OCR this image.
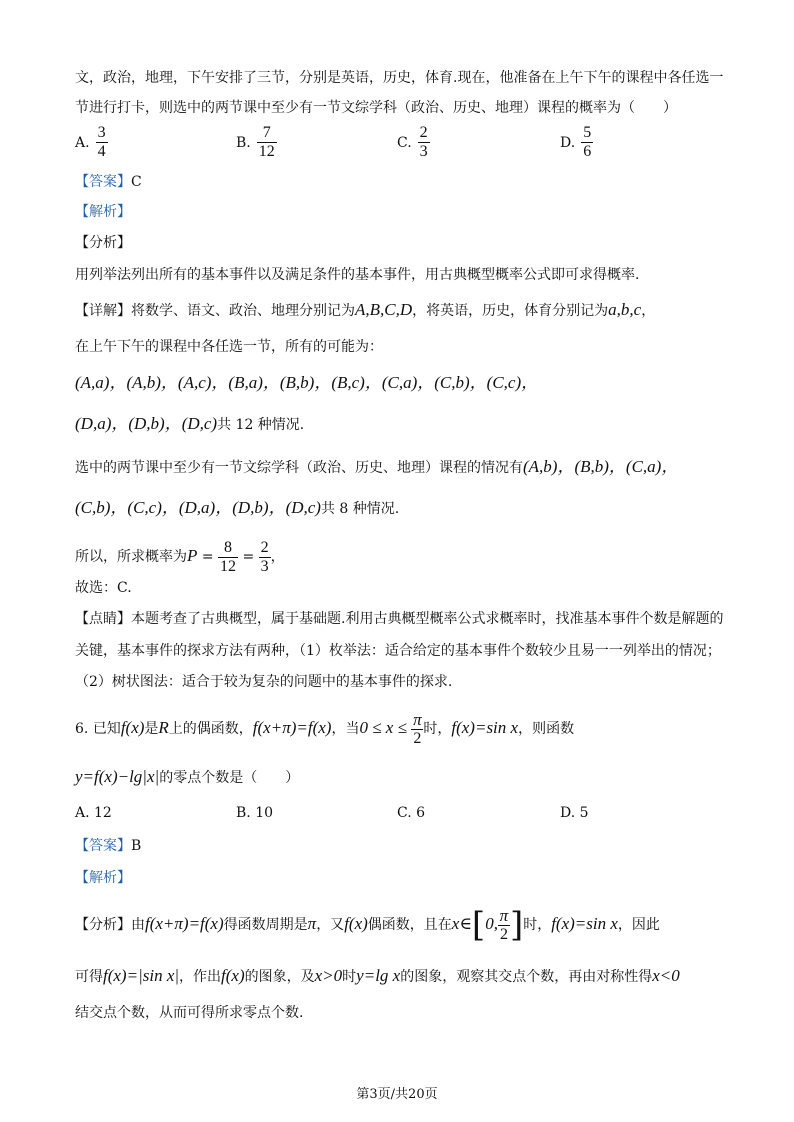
文，政治，地理，下午安排了三节，分别是英语，历史，体育.现在，他准备在上午下午的课程中各任选一
节进行打卡，则选中的两节课中至少有一节文综学科（政治、历史、地理）课程的概率为（　　）
A. $\frac{3}{4}$	B. $\frac{7}{12}$	C. $\frac{2}{3}$	D. $\frac{5}{6}$
【答案】C
【解析】
【分析】
用列举法列出所有的基本事件以及满足条件的基本事件，用古典概型概率公式即可求得概率.
【详解】将数学、语文、政治、地理分别记为A,B,C,D，将英语，历史，体育分别记为a,b,c，
在上午下午的课程中各任选一节，所有的可能为：
(A,a)，(A,b)，(A,c)，(B,a)，(B,b)，(B,c)，(C,a)，(C,b)，(C,c)，
(D,a)，(D,b)，(D,c)共 12 种情况.
选中的两节课中至少有一节文综学科（政治、历史、地理）课程的情况有(A,b)，(B,b)，(C,a)，
(C,b)，(C,c)，(D,a)，(D,b)，(D,c)共 8 种情况.
所以，所求概率为$P = \frac{8}{12} = \frac{2}{3}$ ，
故选：C.
【点睛】本题考查了古典概型，属于基础题.利用古典概型概率公式求概率时，找准基本事件个数是解题的
关键，基本事件的探求方法有两种，（1）枚举法：适合给定的基本事件个数较少且易一一列举出的情况；
（2）树状图法：适合于较为复杂的问题中的基本事件的探求.
6. 已知f(x)是R上的偶函数，f(x+π)=f(x)，当$0 \le x \le \frac{\pi}{2}$ 时，f(x)=sin x，则函数
y=f(x)−lg|x|的零点个数是（　　）
A. 12	B. 10	C. 6	D. 5
【答案】B
【解析】
【分析】由f(x+π)=f(x)得函数周期是π，又f(x)偶函数，且在x∈[0, $\frac{\pi}{2}$ ]时，f(x)=sin x，因此
可得f(x)=|sin x|，作出f(x)的图象，及x>0时y=lg x的图象，观察其交点个数，再由对称性得x<0
结交点个数，从而可得所求零点个数.
第3页/共20页
